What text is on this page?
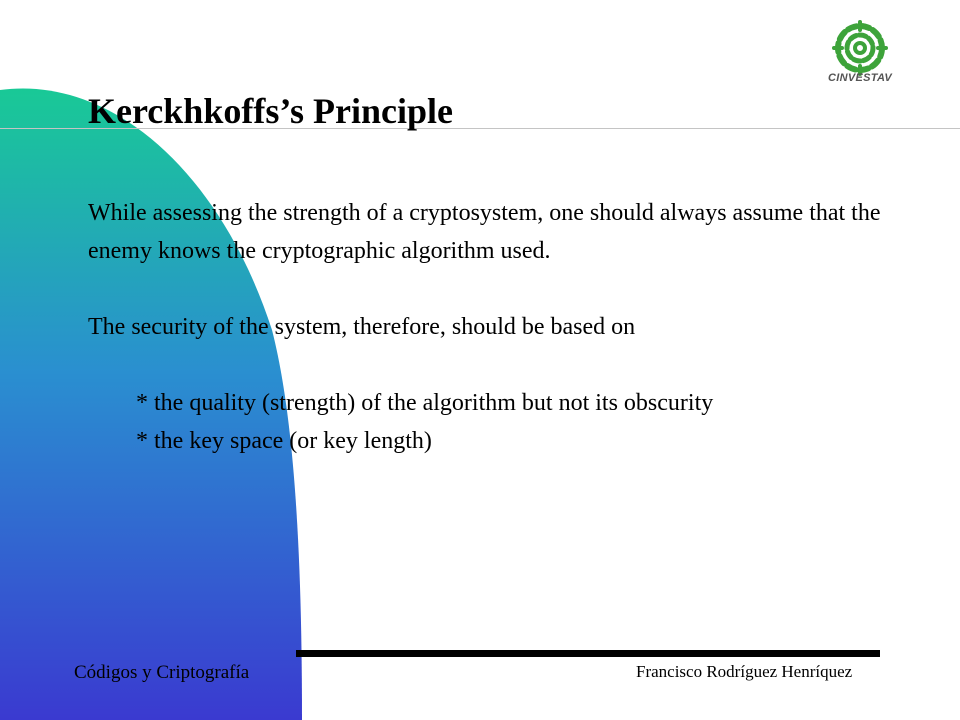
CINVESTAV
Kerckhkoffs’s Principle

While assessing the strength of a cryptosystem, one should always assume that the enemy knows the cryptographic algorithm used.

The security of the system, therefore, should be based on

* the quality (strength) of the algorithm but not its obscurity

* the key space (or key length)

Códigos y Criptografía	Francisco Rodríguez Henríquez
